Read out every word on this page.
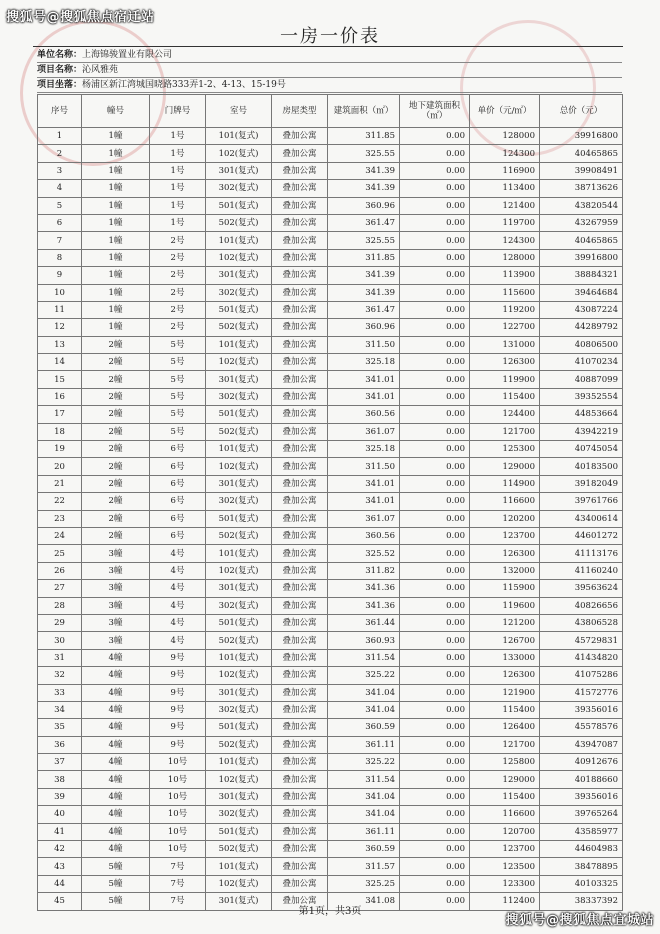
搜狐号@搜狐焦点宿迁站
一房一价表
单位名称：上海锦骏置业有限公司
项目名称：沁风雅苑
项目坐落：杨浦区新江湾城国晓路333弄1-2、4-13、15-19号
序号	幢号	门牌号	室号	房屋类型	建筑面积（㎡）	地下建筑面积（㎡）	单价（元/㎡）	总价（元）
1	1幢	1号	101(复式)	叠加公寓	311.85	0.00	128000	39916800
2	1幢	1号	102(复式)	叠加公寓	325.55	0.00	124300	40465865
3	1幢	1号	301(复式)	叠加公寓	341.39	0.00	116900	39908491
4	1幢	1号	302(复式)	叠加公寓	341.39	0.00	113400	38713626
5	1幢	1号	501(复式)	叠加公寓	360.96	0.00	121400	43820544
6	1幢	1号	502(复式)	叠加公寓	361.47	0.00	119700	43267959
7	1幢	2号	101(复式)	叠加公寓	325.55	0.00	124300	40465865
8	1幢	2号	102(复式)	叠加公寓	311.85	0.00	128000	39916800
9	1幢	2号	301(复式)	叠加公寓	341.39	0.00	113900	38884321
10	1幢	2号	302(复式)	叠加公寓	341.39	0.00	115600	39464684
11	1幢	2号	501(复式)	叠加公寓	361.47	0.00	119200	43087224
12	1幢	2号	502(复式)	叠加公寓	360.96	0.00	122700	44289792
13	2幢	5号	101(复式)	叠加公寓	311.50	0.00	131000	40806500
14	2幢	5号	102(复式)	叠加公寓	325.18	0.00	126300	41070234
15	2幢	5号	301(复式)	叠加公寓	341.01	0.00	119900	40887099
16	2幢	5号	302(复式)	叠加公寓	341.01	0.00	115400	39352554
17	2幢	5号	501(复式)	叠加公寓	360.56	0.00	124400	44853664
18	2幢	5号	502(复式)	叠加公寓	361.07	0.00	121700	43942219
19	2幢	6号	101(复式)	叠加公寓	325.18	0.00	125300	40745054
20	2幢	6号	102(复式)	叠加公寓	311.50	0.00	129000	40183500
21	2幢	6号	301(复式)	叠加公寓	341.01	0.00	114900	39182049
22	2幢	6号	302(复式)	叠加公寓	341.01	0.00	116600	39761766
23	2幢	6号	501(复式)	叠加公寓	361.07	0.00	120200	43400614
24	2幢	6号	502(复式)	叠加公寓	360.56	0.00	123700	44601272
25	3幢	4号	101(复式)	叠加公寓	325.52	0.00	126300	41113176
26	3幢	4号	102(复式)	叠加公寓	311.82	0.00	132000	41160240
27	3幢	4号	301(复式)	叠加公寓	341.36	0.00	115900	39563624
28	3幢	4号	302(复式)	叠加公寓	341.36	0.00	119600	40826656
29	3幢	4号	501(复式)	叠加公寓	361.44	0.00	121200	43806528
30	3幢	4号	502(复式)	叠加公寓	360.93	0.00	126700	45729831
31	4幢	9号	101(复式)	叠加公寓	311.54	0.00	133000	41434820
32	4幢	9号	102(复式)	叠加公寓	325.22	0.00	126300	41075286
33	4幢	9号	301(复式)	叠加公寓	341.04	0.00	121900	41572776
34	4幢	9号	302(复式)	叠加公寓	341.04	0.00	115400	39356016
35	4幢	9号	501(复式)	叠加公寓	360.59	0.00	126400	45578576
36	4幢	9号	502(复式)	叠加公寓	361.11	0.00	121700	43947087
37	4幢	10号	101(复式)	叠加公寓	325.22	0.00	125800	40912676
38	4幢	10号	102(复式)	叠加公寓	311.54	0.00	129000	40188660
39	4幢	10号	301(复式)	叠加公寓	341.04	0.00	115400	39356016
40	4幢	10号	302(复式)	叠加公寓	341.04	0.00	116600	39765264
41	4幢	10号	501(复式)	叠加公寓	361.11	0.00	120700	43585977
42	4幢	10号	502(复式)	叠加公寓	360.59	0.00	123700	44604983
43	5幢	7号	101(复式)	叠加公寓	311.57	0.00	123500	38478895
44	5幢	7号	102(复式)	叠加公寓	325.25	0.00	123300	40103325
45	5幢	7号	301(复式)	叠加公寓	341.08	0.00	112400	38337392
第1页，共3页
搜狐号@搜狐焦点宜城站
